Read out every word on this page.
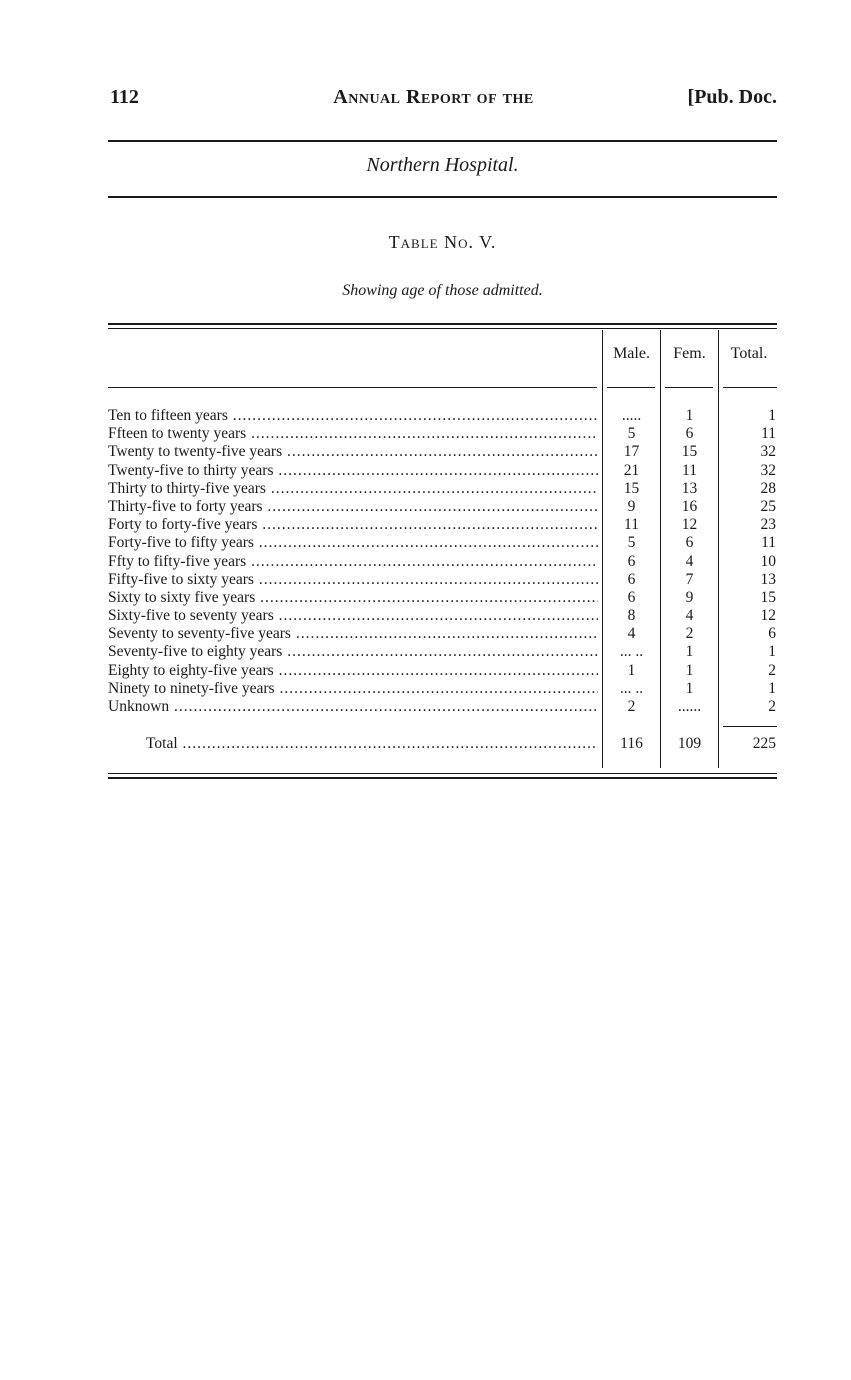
112	Annual Report of the	[Pub. Doc.
Northern Hospital.
Table No. V.
Showing age of those admitted.
Male.	Fem.	Total.
Ten to fifteen years .....	.....	1	1
Ffteen to twenty years .....	5	6	11
Twenty to twenty-five years .....	17	15	32
Twenty-five to thirty years .....	21	11	32
Thirty to thirty-five years .....	15	13	28
Thirty-five to forty years .....	9	16	25
Forty to forty-five years .....	11	12	23
Forty-five to fifty years .....	5	6	11
Ffty to fifty-five years .....	6	4	10
Fifty-five to sixty years .....	6	7	13
Sixty to sixty five years .....	6	9	15
Sixty-five to seventy years .....	8	4	12
Seventy to seventy-five years .....	4	2	6
Seventy-five to eighty years .....	... ..	1	1
Eighty to eighty-five years .....	1	1	2
Ninety to ninety-five years .....	... ..	1	1
Unknown .....	2	......	2
Total .....	116	109	225
